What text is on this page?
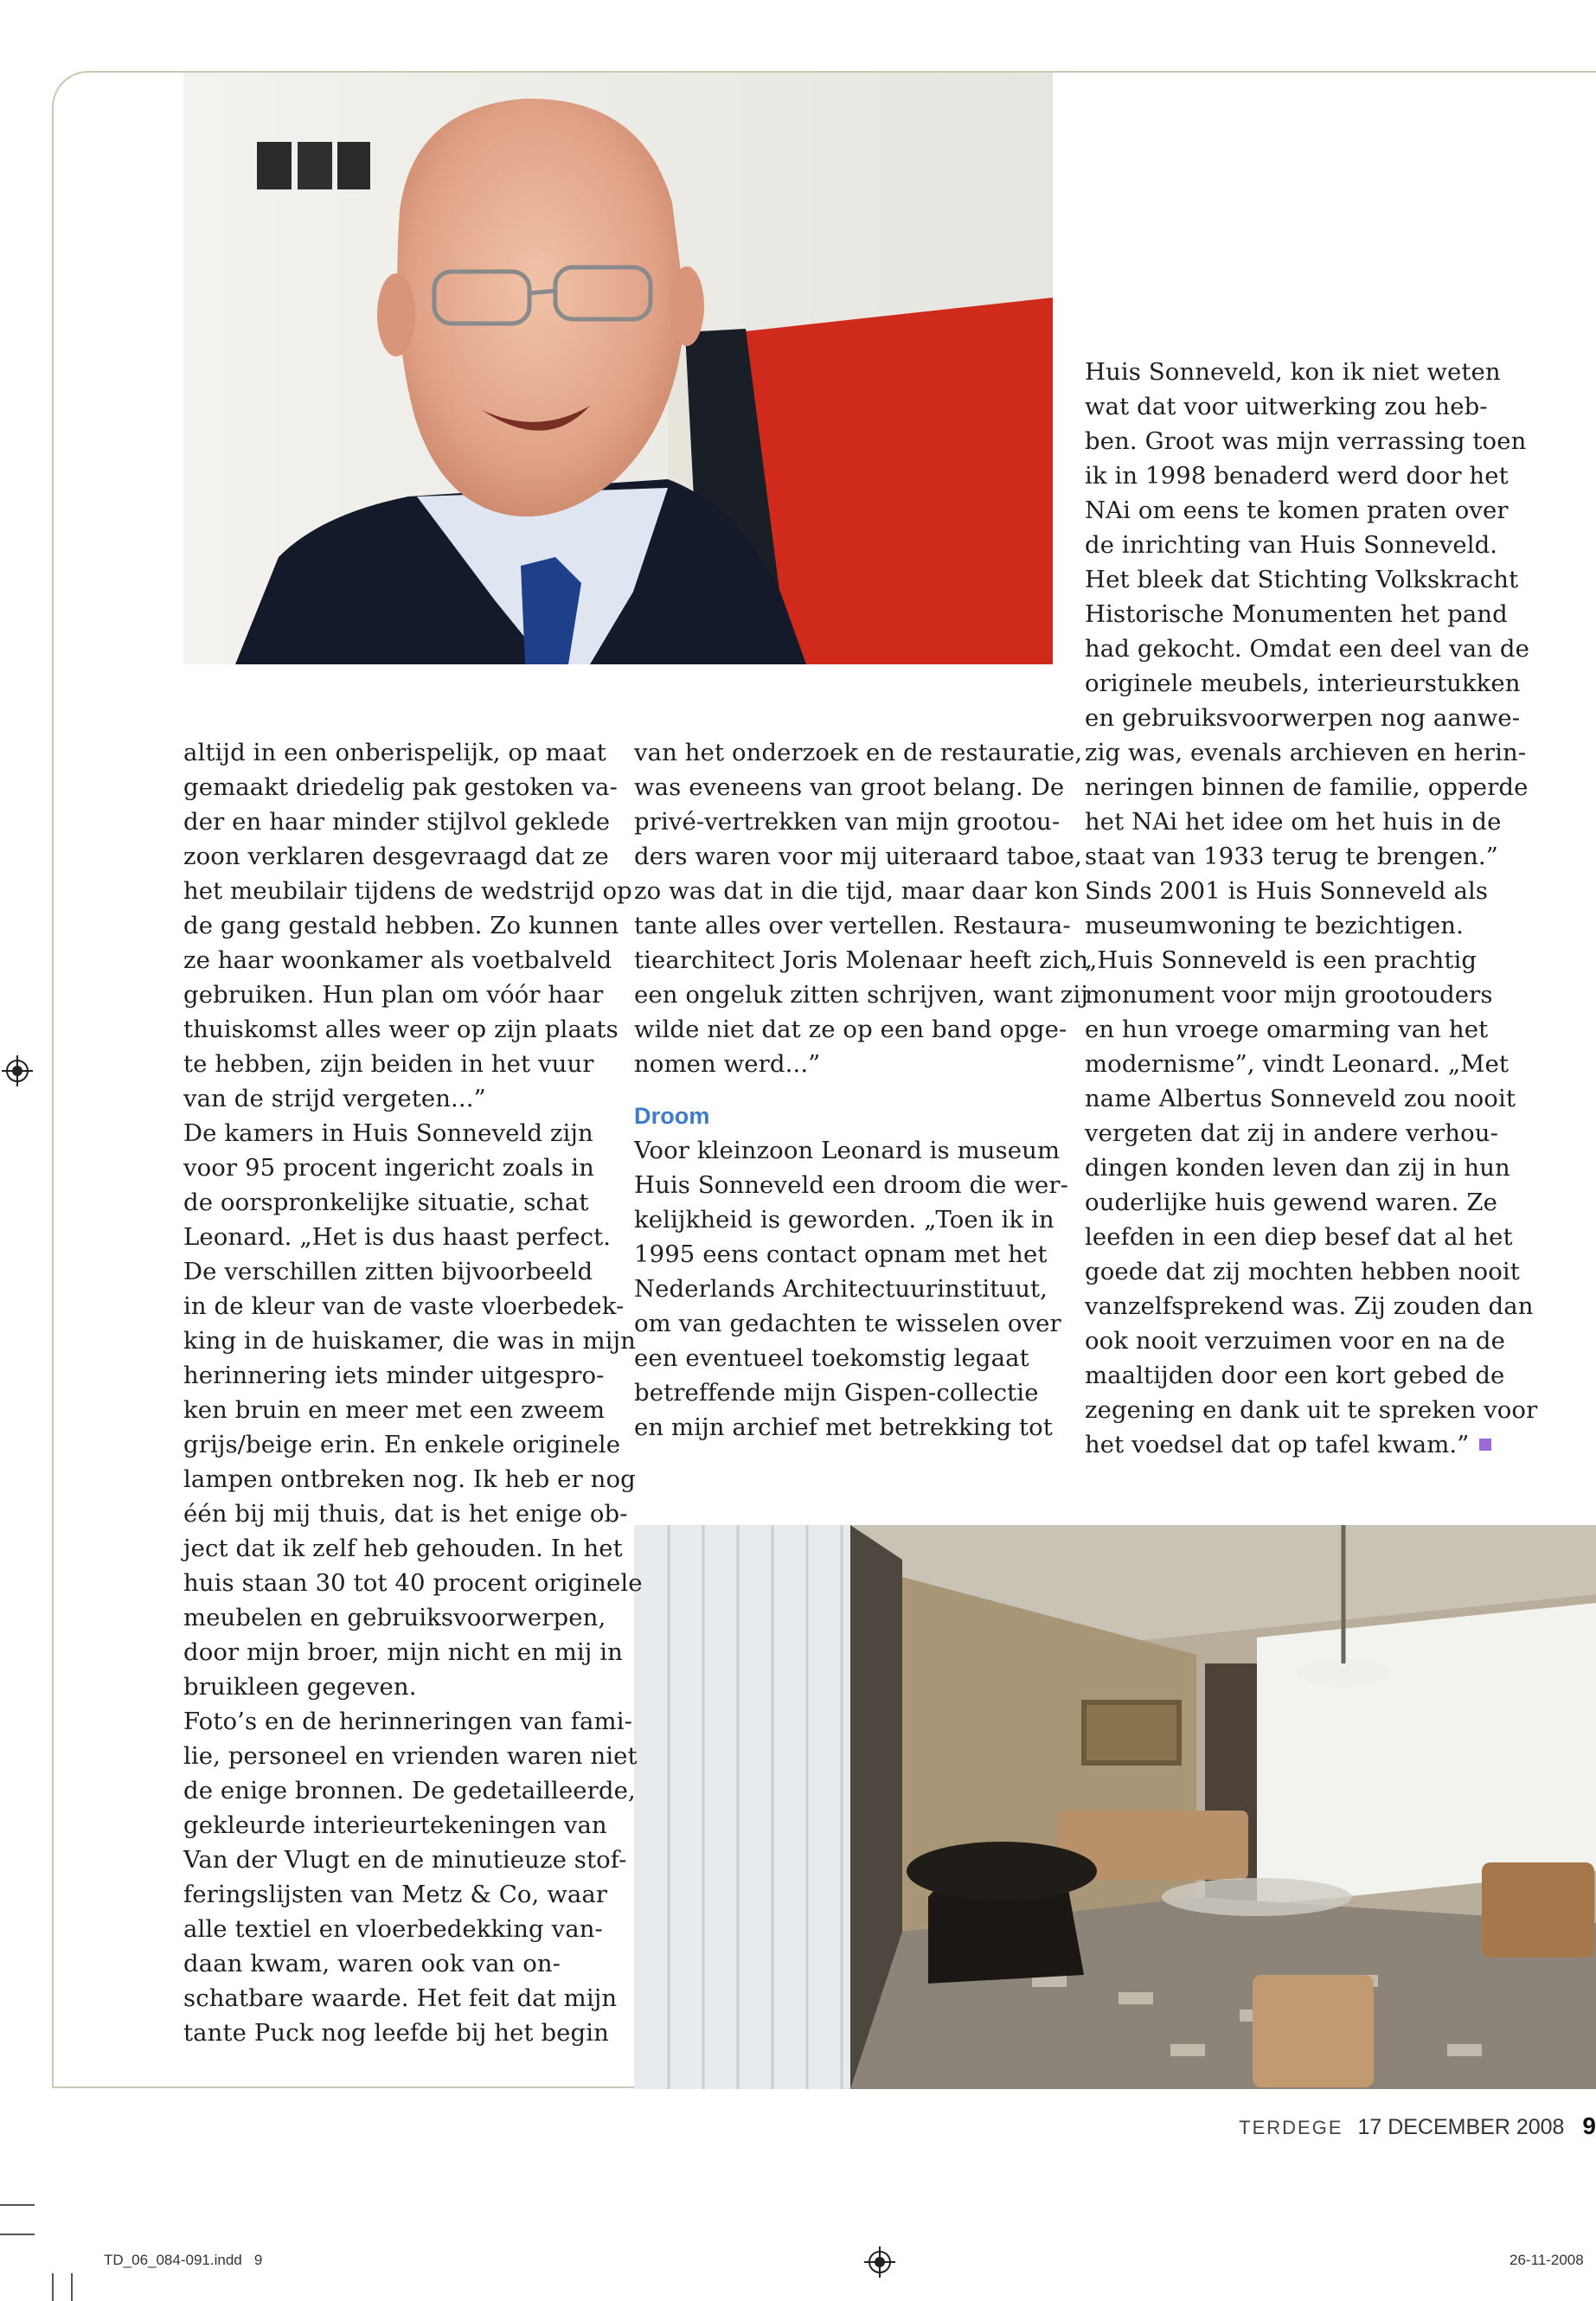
altijd in een onberispelijk, op maat

gemaakt driedelig pak gestoken va-

der en haar minder stijlvol geklede

zoon verklaren desgevraagd dat ze

het meubilair tijdens de wedstrijd op

de gang gestald hebben. Zo kunnen

ze haar woonkamer als voetbalveld

gebruiken. Hun plan om vóór haar

thuiskomst alles weer op zijn plaats

te hebben, zijn beiden in het vuur

van de strijd vergeten...”

De kamers in Huis Sonneveld zijn

voor 95 procent ingericht zoals in

de oorspronkelijke situatie, schat

Leonard. „Het is dus haast perfect.

De verschillen zitten bijvoorbeeld

in de kleur van de vaste vloerbedek-

king in de huiskamer, die was in mijn

herinnering iets minder uitgespro-

ken bruin en meer met een zweem

grijs/beige erin. En enkele originele

lampen ontbreken nog. Ik heb er nog

één bij mij thuis, dat is het enige ob-

ject dat ik zelf heb gehouden. In het

huis staan 30 tot 40 procent originele

meubelen en gebruiksvoorwerpen,

door mijn broer, mijn nicht en mij in

bruikleen gegeven.

Foto’s en de herinneringen van fami-

lie, personeel en vrienden waren niet

de enige bronnen. De gedetailleerde,

gekleurde interieurtekeningen van

Van der Vlugt en de minutieuze stof-

feringslijsten van Metz & Co, waar

alle textiel en vloerbedekking van-

daan kwam, waren ook van on-

schatbare waarde. Het feit dat mijn

tante Puck nog leefde bij het begin

van het onderzoek en de restauratie,

was eveneens van groot belang. De

privé-vertrekken van mijn grootou-

ders waren voor mij uiteraard taboe,

zo was dat in die tijd, maar daar kon

tante alles over vertellen. Restaura-

tiearchitect Joris Molenaar heeft zich

een ongeluk zitten schrijven, want zij

wilde niet dat ze op een band opge-

nomen werd...”

Droom

Voor kleinzoon Leonard is museum

Huis Sonneveld een droom die wer-

kelijkheid is geworden. „Toen ik in

1995 eens contact opnam met het

Nederlands Architectuurinstituut,

om van gedachten te wisselen over

een eventueel toekomstig legaat

betreffende mijn Gispen-collectie

en mijn archief met betrekking tot

Huis Sonneveld, kon ik niet weten

wat dat voor uitwerking zou heb-

ben. Groot was mijn verrassing toen

ik in 1998 benaderd werd door het

NAi om eens te komen praten over

de inrichting van Huis Sonneveld.

Het bleek dat Stichting Volkskracht

Historische Monumenten het pand

had gekocht. Omdat een deel van de

originele meubels, interieurstukken

en gebruiksvoorwerpen nog aanwe-

zig was, evenals archieven en herin-

neringen binnen de familie, opperde

het NAi het idee om het huis in de

staat van 1933 terug te brengen.”

Sinds 2001 is Huis Sonneveld als

museumwoning te bezichtigen.

„Huis Sonneveld is een prachtig

monument voor mijn grootouders

en hun vroege omarming van het

modernisme”, vindt Leonard. „Met

name Albertus Sonneveld zou nooit

vergeten dat zij in andere verhou-

dingen konden leven dan zij in hun

ouderlijke huis gewend waren. Ze

leefden in een diep besef dat al het

goede dat zij mochten hebben nooit

vanzelfsprekend was. Zij zouden dan

ook nooit verzuimen voor en na de

maaltijden door een kort gebed de

zegening en dank uit te spreken voor

het voedsel dat op tafel kwam.”

TERDEGE 17 DECEMBER 2008 9
TD_06_084-091.indd   9	26-11-2008
